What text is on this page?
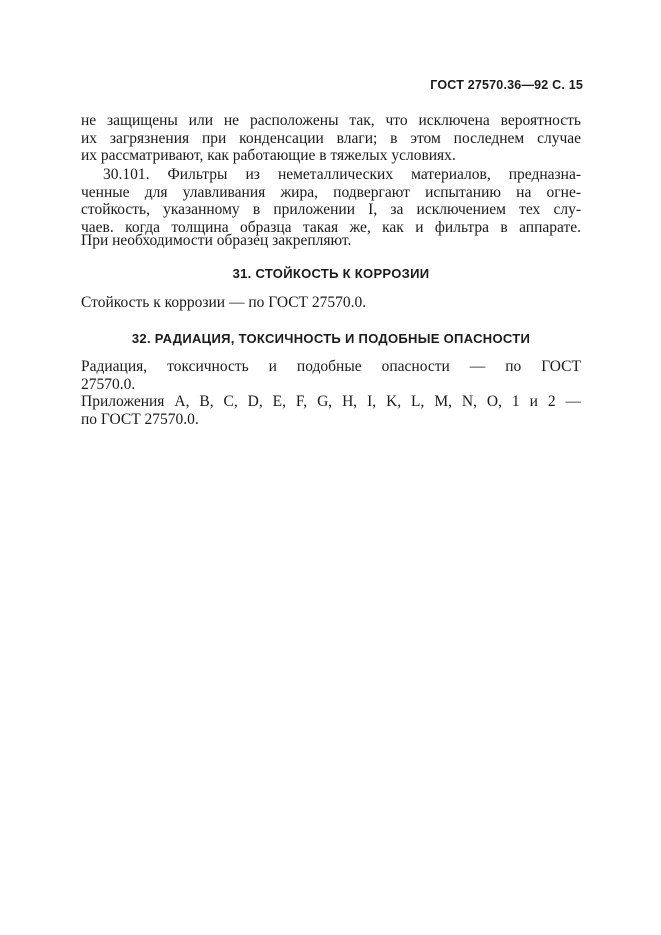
ГОСТ 27570.36—92 С. 15
не защищены или не расположены так, что исключена вероятность
их загрязнения при конденсации влаги; в этом последнем случае
их рассматривают, как работающие в тяжелых условиях.
30.101. Фильтры из неметаллических материалов, предназна-
ченные для улавливания жира, подвергают испытанию на огне-
стойкость, указанному в приложении I, за исключением тех слу-
чаев. когда толщина образца такая же, как и фильтра в аппарате.
При необходимости образец закрепляют.
31. СТОЙКОСТЬ К КОРРОЗИИ
Стойкость к коррозии — по ГОСТ 27570.0.
32. РАДИАЦИЯ, ТОКСИЧНОСТЬ И ПОДОБНЫЕ ОПАСНОСТИ
Радиация, токсичность и подобные опасности — по ГОСТ
27570.0.
Приложения A, B, C, D, E, F, G, H, I, K, L, M, N, O, 1 и 2 —
по ГОСТ 27570.0.
